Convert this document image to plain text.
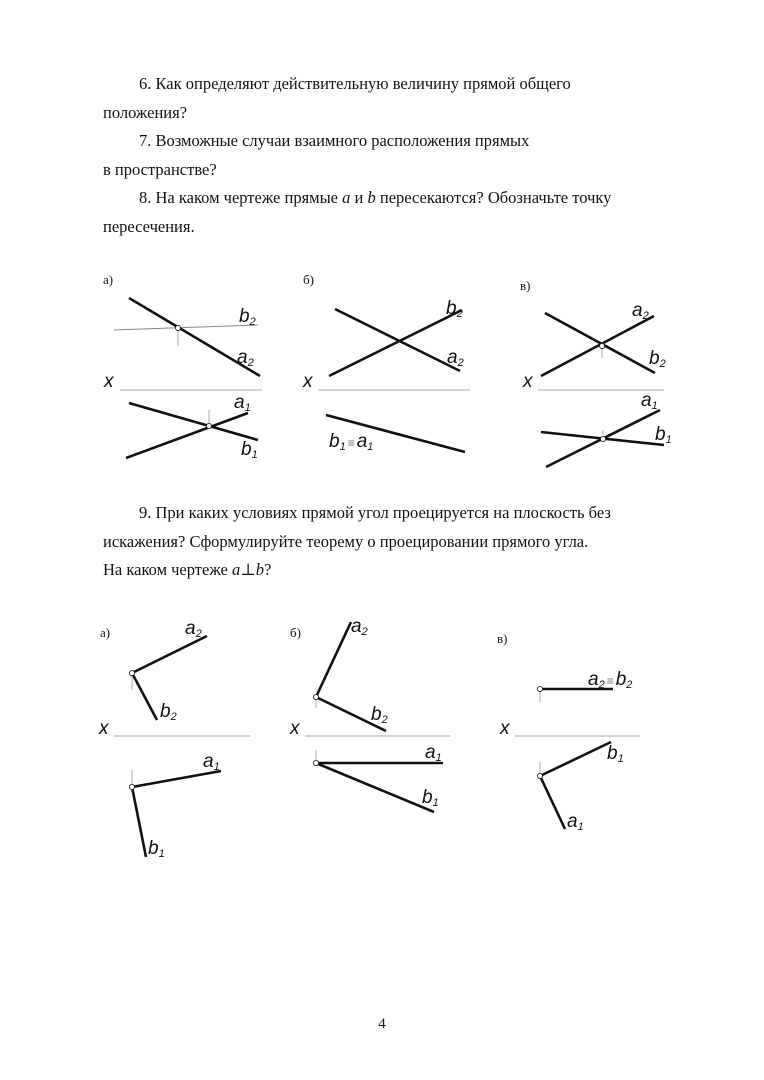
6. Как определяют действительную величину прямой общего
положения?
7. Возможные случаи взаимного расположения прямых
в пространстве?
8. На каком чертеже прямые a и b пересекаются? Обозначьте точку
пересечения.
9. При каких условиях прямой угол проецируется на плоскость без
искажения? Сформулируйте теорему о проецировании прямого угла.
На каком чертеже a⊥b?
а)
b2
a2
x
a1
b1
б)
b2
a2
x
b1 ≡ a1
в)
a2
b2
x
a1
b1
а)	a2
b2
x
a1
b1
б)	a2
b2
x
a1
b1
в)
a2 ≡ b2
x
b1
a1
4
